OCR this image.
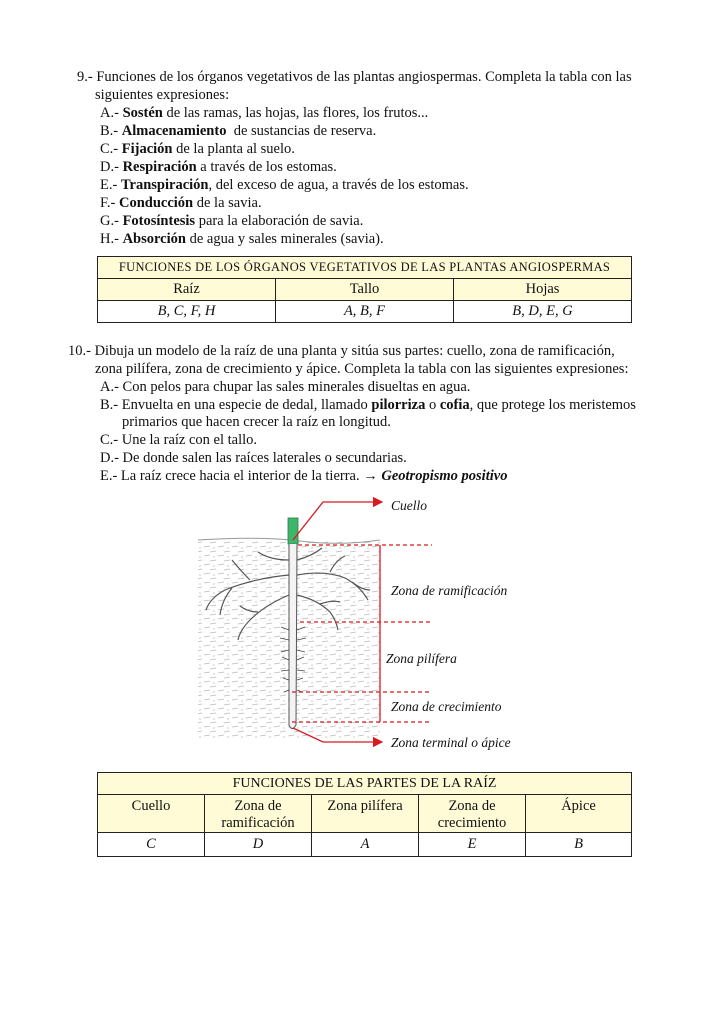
9.- Funciones de los órganos vegetativos de las plantas angiospermas. Completa la tabla con las
siguientes expresiones:
A.- Sostén de las ramas, las hojas, las flores, los frutos...
B.- Almacenamiento  de sustancias de reserva.
C.- Fijación de la planta al suelo.
D.- Respiración a través de los estomas.
E.- Transpiración, del exceso de agua, a través de los estomas.
F.- Conducción de la savia.
G.- Fotosíntesis para la elaboración de savia.
H.- Absorción de agua y sales minerales (savia).
FUNCIONES DE LOS ÓRGANOS VEGETATIVOS DE LAS PLANTAS ANGIOSPERMAS		
Raíz	Tallo	Hojas
B, C, F, H	A, B, F	B, D, E, G
10.- Dibuja un modelo de la raíz de una planta y sitúa sus partes: cuello, zona de ramificación,
zona pilífera, zona de crecimiento y ápice. Completa la tabla con las siguientes expresiones:
A.- Con pelos para chupar las sales minerales disueltas en agua.
B.- Envuelta en una especie de dedal, llamado pilorriza o cofia, que protege los meristemos
primarios que hacen crecer la raíz en longitud.
C.- Une la raíz con el tallo.
D.- De donde salen las raíces laterales o secundarias.
E.- La raíz crece hacia el interior de la tierra. → Geotropismo positivo
Cuello
Zona de ramificación
Zona pilífera
Zona de crecimiento
Zona terminal o ápice
FUNCIONES DE LAS PARTES DE LA RAÍZ				
Cuello	Zona de ramificación	Zona pilífera	Zona de crecimiento	Ápice
C	D	A	E	B
